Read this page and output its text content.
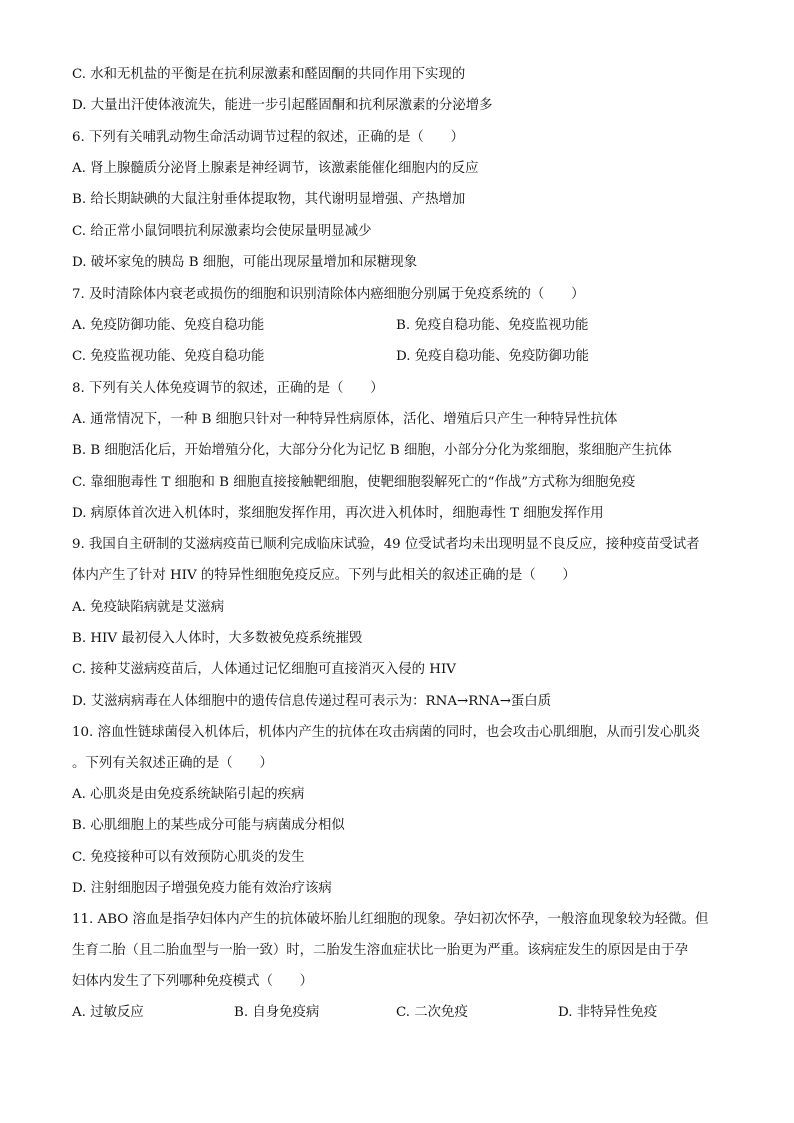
C. 水和无机盐的平衡是在抗利尿激素和醛固酮的共同作用下实现的
D. 大量出汗使体液流失，能进一步引起醛固酮和抗利尿激素的分泌增多
6. 下列有关哺乳动物生命活动调节过程的叙述，正确的是（　　）
A. 肾上腺髓质分泌肾上腺素是神经调节，该激素能催化细胞内的反应
B. 给长期缺碘的大鼠注射垂体提取物，其代谢明显增强、产热增加
C. 给正常小鼠饲喂抗利尿激素均会使尿量明显减少
D. 破坏家兔的胰岛 B 细胞，可能出现尿量增加和尿糖现象
7. 及时清除体内衰老或损伤的细胞和识别清除体内癌细胞分别属于免疫系统的（　　）
A. 免疫防御功能、免疫自稳功能	B. 免疫自稳功能、免疫监视功能
C. 免疫监视功能、免疫自稳功能	D. 免疫自稳功能、免疫防御功能
8. 下列有关人体免疫调节的叙述，正确的是（　　）
A. 通常情况下，一种 B 细胞只针对一种特异性病原体，活化、增殖后只产生一种特异性抗体
B. B 细胞活化后，开始增殖分化，大部分分化为记忆 B 细胞，小部分分化为浆细胞，浆细胞产生抗体
C. 靠细胞毒性 T 细胞和 B 细胞直接接触靶细胞，使靶细胞裂解死亡的“作战”方式称为细胞免疫
D. 病原体首次进入机体时，浆细胞发挥作用，再次进入机体时，细胞毒性 T 细胞发挥作用
9. 我国自主研制的艾滋病疫苗已顺利完成临床试验，49 位受试者均未出现明显不良反应，接种疫苗受试者
体内产生了针对 HIV 的特异性细胞免疫反应。下列与此相关的叙述正确的是（　　）
A. 免疫缺陷病就是艾滋病
B. HIV 最初侵入人体时，大多数被免疫系统摧毁
C. 接种艾滋病疫苗后，人体通过记忆细胞可直接消灭入侵的 HIV
D. 艾滋病病毒在人体细胞中的遗传信息传递过程可表示为：RNA→RNA→蛋白质
10. 溶血性链球菌侵入机体后，机体内产生的抗体在攻击病菌的同时，也会攻击心肌细胞，从而引发心肌炎
。下列有关叙述正确的是（　　）
A. 心肌炎是由免疫系统缺陷引起的疾病
B. 心肌细胞上的某些成分可能与病菌成分相似
C. 免疫接种可以有效预防心肌炎的发生
D. 注射细胞因子增强免疫力能有效治疗该病
11. ABO 溶血是指孕妇体内产生的抗体破坏胎儿红细胞的现象。孕妇初次怀孕，一般溶血现象较为轻微。但
生育二胎（且二胎血型与一胎一致）时，二胎发生溶血症状比一胎更为严重。该病症发生的原因是由于孕
妇体内发生了下列哪种免疫模式（　　）
A. 过敏反应	B. 自身免疫病	C. 二次免疫	D. 非特异性免疫
